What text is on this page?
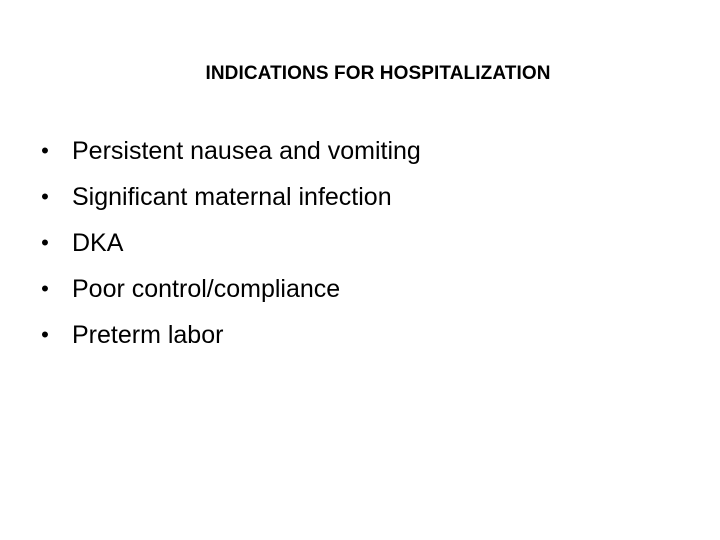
INDICATIONS FOR HOSPITALIZATION
• Persistent nausea and vomiting
• Significant maternal infection
• DKA
• Poor control/compliance
• Preterm labor
